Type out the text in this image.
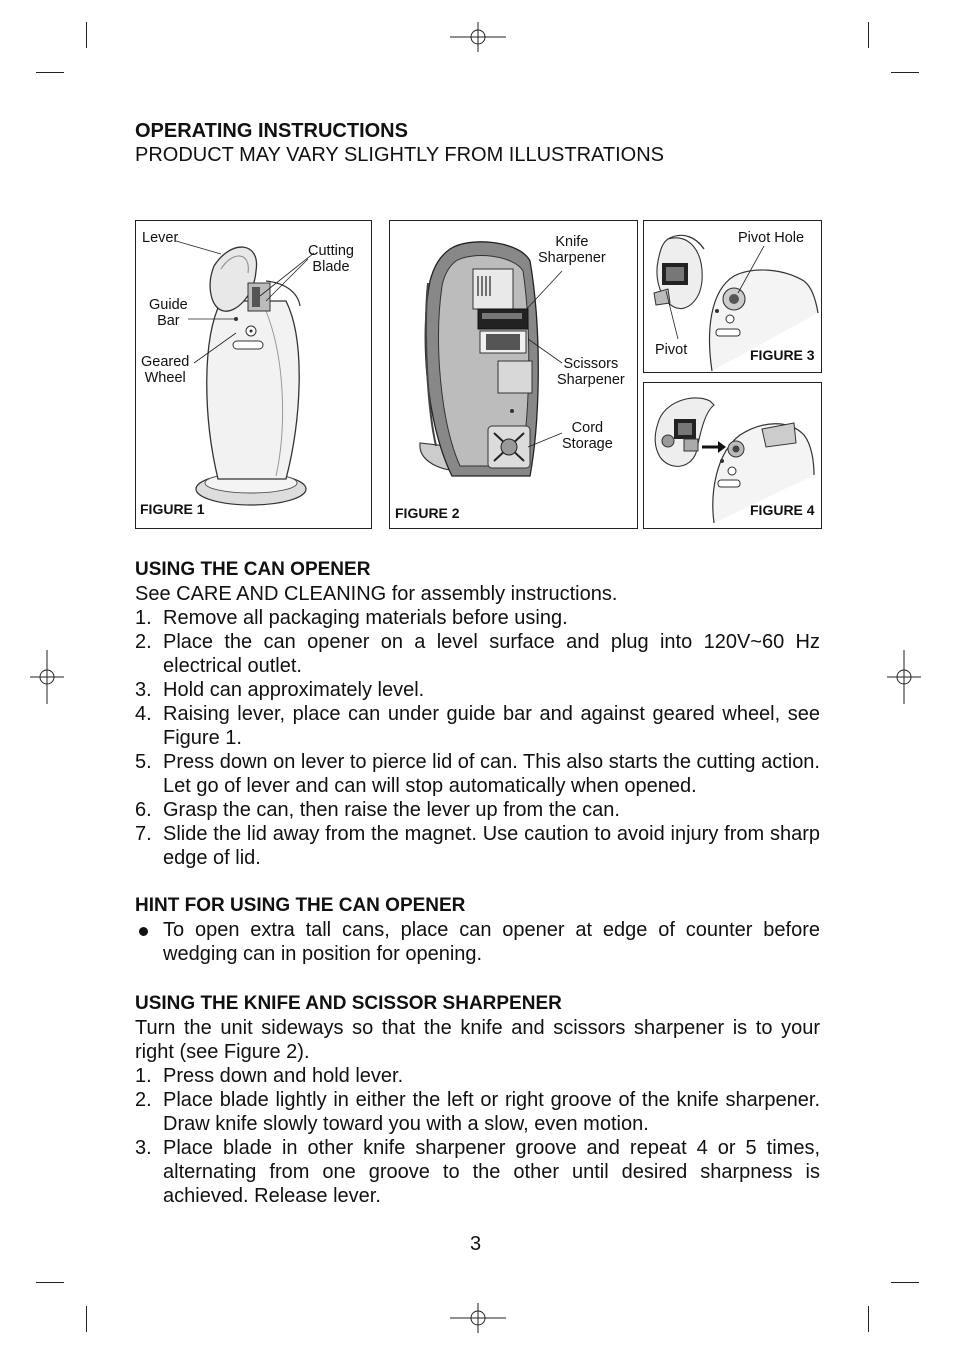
OPERATING INSTRUCTIONS
PRODUCT MAY VARY SLIGHTLY FROM ILLUSTRATIONS
Lever
Cutting
Blade
Guide
Bar
Geared
Wheel
FIGURE 1
Knife
Sharpener
Scissors
Sharpener
Cord
Storage
FIGURE 2
Pivot Hole
Pivot	FIGURE 3
FIGURE 4
USING THE CAN OPENER
See CARE AND CLEANING for assembly instructions.
1. Remove all packaging materials before using.
2. Place the can opener on a level surface and plug into 120V~60 Hz electrical outlet.
3. Hold can approximately level.
4. Raising lever, place can under guide bar and against geared wheel, see Figure 1.
5. Press down on lever to pierce lid of can. This also starts the cutting action. Let go of lever and can will stop automatically when opened.
6. Grasp the can, then raise the lever up from the can.
7. Slide the lid away from the magnet. Use caution to avoid injury from sharp edge of lid.
HINT FOR USING THE CAN OPENER
To open extra tall cans, place can opener at edge of counter before wedging can in position for opening.
USING THE KNIFE AND SCISSOR SHARPENER
Turn the unit sideways so that the knife and scissors sharpener is to your right (see Figure 2).
1. Press down and hold lever.
2. Place blade lightly in either the left or right groove of the knife sharpener. Draw knife slowly toward you with a slow, even motion.
3. Place blade in other knife sharpener groove and repeat 4 or 5 times, alternating from one groove to the other until desired sharpness is achieved. Release lever.
3
